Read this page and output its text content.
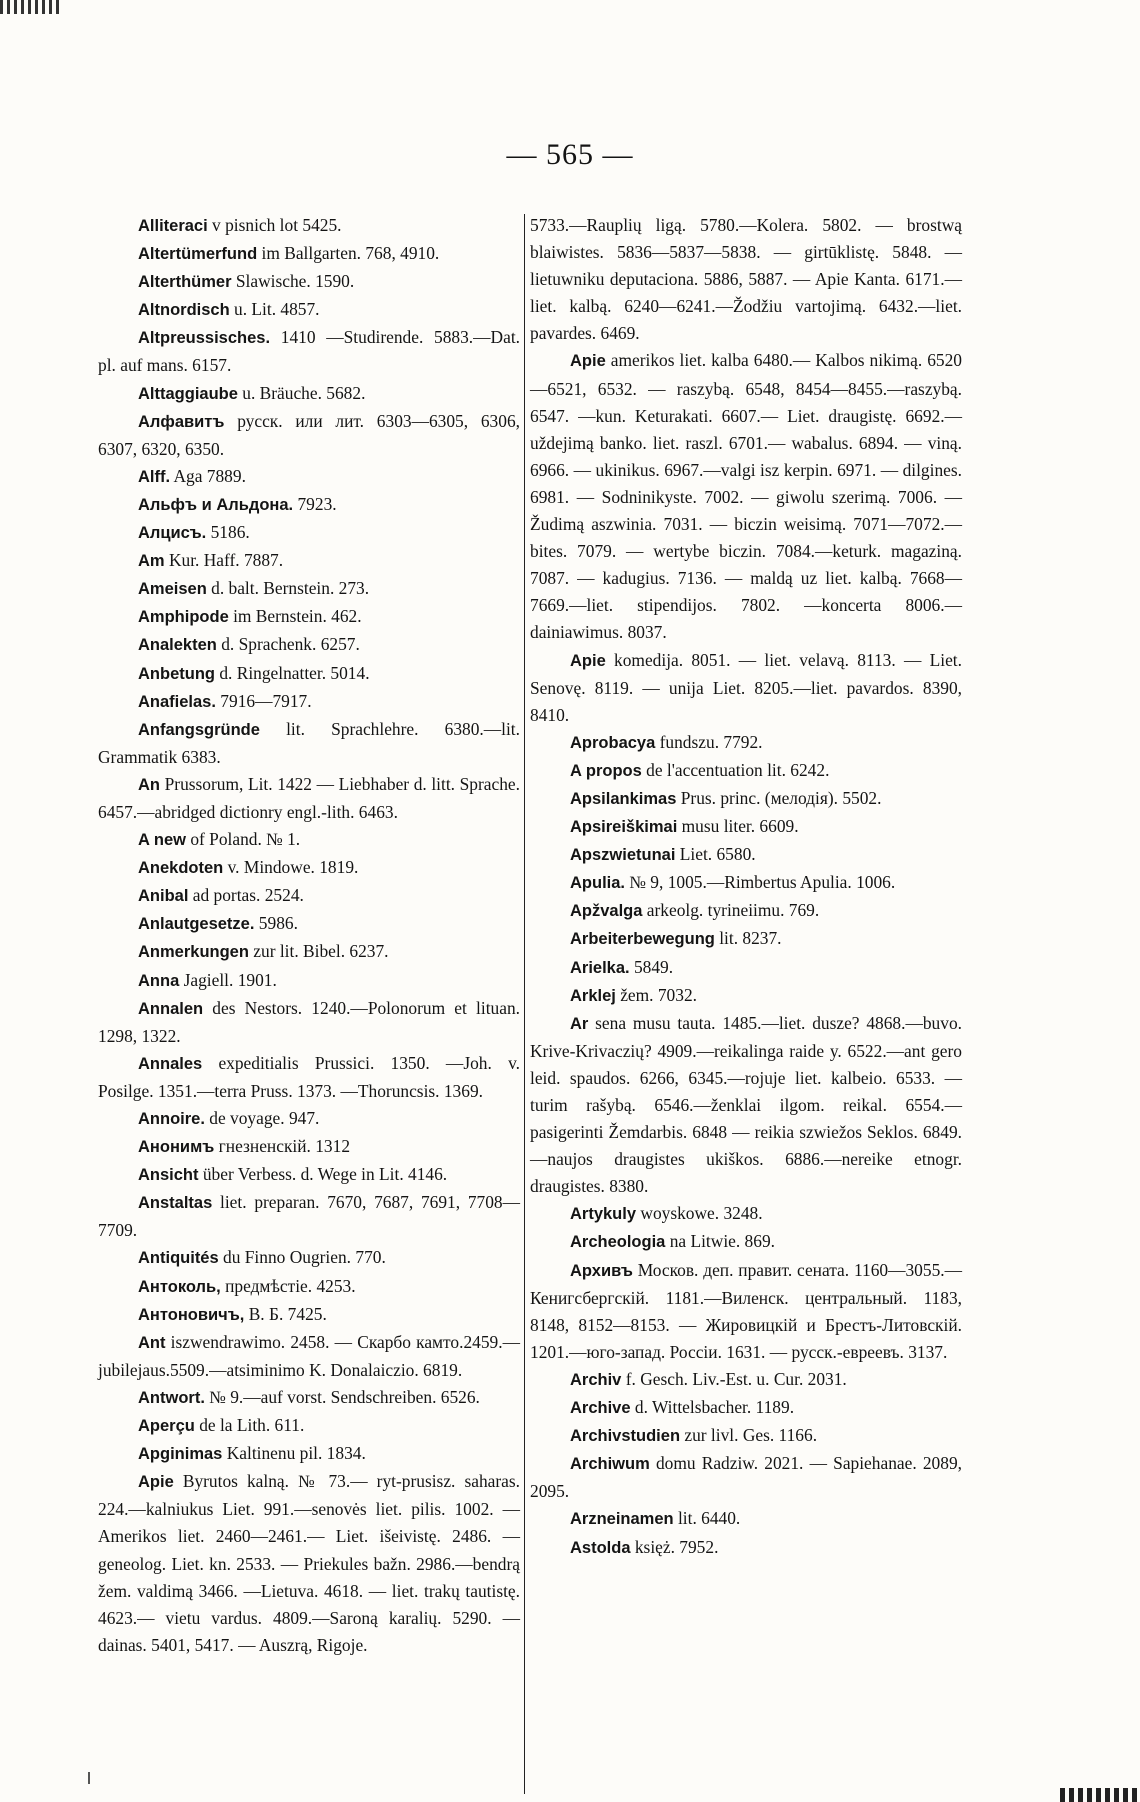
— 565 —

Alliteraci v pisnich lot 5425.

Altertümerfund im Ballgarten. 768, 4910.

Alterthümer Slawische. 1590.

Altnordisch u. Lit. 4857.

Altpreussisches. 1410 —Studirende. 5883.—Dat. pl. auf mans. 6157.

Alttaggiaube u. Bräuche. 5682.

Алфавитъ русск. или лит. 6303—6305, 6306, 6307, 6320, 6350.

Alff. Aga 7889.

Альфъ и Альдона. 7923.

Алцисъ. 5186.

Am Kur. Haff. 7887.

Ameisen d. balt. Bernstein. 273.

Amphipode im Bernstein. 462.

Analekten d. Sprachenk. 6257.

Anbetung d. Ringelnatter. 5014.

Anafielas. 7916—7917.

Anfangsgründe lit. Sprachlehre. 6380.—lit. Grammatik 6383.

An Prussorum, Lit. 1422 — Liebhaber d. litt. Sprache. 6457.—abridged dictionry engl.-lith. 6463.

A new of Poland. № 1.

Anekdoten v. Mindowe. 1819.

Anibal ad portas. 2524.

Anlautgesetze. 5986.

Anmerkungen zur lit. Bibel. 6237.

Anna Jagiell. 1901.

Annalen des Nestors. 1240.—Polonorum et lituan. 1298, 1322.

Annales expeditialis Prussici. 1350. —Joh. v. Posilge. 1351.—terra Pruss. 1373. —Thoruncsis. 1369.

Annoire. de voyage. 947.

Анонимъ гнезненскій. 1312

Ansicht über Verbess. d. Wege in Lit. 4146.

Anstaltas liet. preparan. 7670, 7687, 7691, 7708—7709.

Antiquités du Finno Ougrien. 770.

Антоколь, предмѣстіе. 4253.

Антоновичъ, В. Б. 7425.

Ant iszwendrawimo. 2458. — Скарбо камто.2459.—jubilejaus.5509.—atsiminimo K. Donalaiczio. 6819.

Antwort. № 9.—auf vorst. Sendschreiben. 6526.

Aperçu de la Lith. 611.

Apginimas Kaltinenu pil. 1834.

Apie Byrutos kalną. № 73.— ryt-prusisz. saharas. 224.—kalniukus Liet. 991.—senovės liet. pilis. 1002. — Amerikos liet. 2460—2461.— Liet. išeivistę. 2486. — geneolog. Liet. kn. 2533. — Priekules bažn. 2986.—bendrą žem. valdimą 3466. —Lietuva. 4618. — liet. trakų tautistę. 4623.— vietu vardus. 4809.—Saroną karalių. 5290. — dainas. 5401, 5417. — Auszrą, Rigoje.

5733.—Rauplių ligą. 5780.—Kolera. 5802. — brostwą blaiwistes. 5836—5837—5838. — girtūklistę. 5848. — lietuwniku deputaciona. 5886, 5887. — Apie Kanta. 6171.— liet. kalbą. 6240—6241.—Žodžiu vartojimą. 6432.—liet. pavardes. 6469.

Apie amerikos liet. kalba 6480.— Kalbos nikimą. 6520—6521, 6532. — raszybą. 6548, 8454—8455.—raszybą. 6547. —kun. Keturakati. 6607.— Liet. draugistę. 6692.—uždejimą banko. liet. raszl. 6701.— wabalus. 6894. — viną. 6966. — ukinikus. 6967.—valgi isz kerpin. 6971. — dilgines. 6981. — Sodninikyste. 7002. — giwolu szerimą. 7006. — Žudimą aszwinia. 7031. — biczin weisimą. 7071—7072.—bites. 7079. — wertybe biczin. 7084.—keturk. magaziną. 7087. — kadugius. 7136. — maldą uz liet. kalbą. 7668—7669.—liet. stipendijos. 7802. —koncerta 8006.—dainiawimus. 8037.

Apie komedija. 8051. — liet. velavą. 8113. — Liet. Senovę. 8119. — unija Liet. 8205.—liet. pavardos. 8390, 8410.

Aprobacya fundszu. 7792.

A propos de l'accentuation lit. 6242.

Apsilankimas Prus. princ. (мелодія). 5502.

Apsireiškimai musu liter. 6609.

Apszwietunai Liet. 6580.

Apulia. № 9, 1005.—Rimbertus Apulia. 1006.

Apžvalga arkeolg. tyrineiimu. 769.

Arbeiterbewegung lit. 8237.

Arielka. 5849.

Arklej žem. 7032.

Ar sena musu tauta. 1485.—liet. dusze? 4868.—buvo. Krive-Krivaczių? 4909.—reikalinga raide y. 6522.—ant gero leid. spaudos. 6266, 6345.—rojuje liet. kalbeio. 6533. —turim rašybą. 6546.—ženklai ilgom. reikal. 6554.—pasigerinti Žemdarbis. 6848 — reikia szwiežos Seklos. 6849.—naujos draugistes ukiškos. 6886.—nereike etnogr. draugistes. 8380.

Artykuly woyskowe. 3248.

Archeologia na Litwie. 869.

Архивъ Москов. деп. правит. сената. 1160—3055.—Кенигсбергскій. 1181.—Виленск. центральный. 1183, 8148, 8152—8153. — Жировицкій и Брестъ-Литовскій. 1201.—юго-запад. Россіи. 1631. — русск.-евреевъ. 3137.

Archiv f. Gesch. Liv.-Est. u. Cur. 2031.

Archive d. Wittelsbacher. 1189.

Archivstudien zur livl. Ges. 1166.

Archiwum domu Radziw. 2021. — Sapiehanae. 2089, 2095.

Arzneinamen lit. 6440.

Astolda księż. 7952.
